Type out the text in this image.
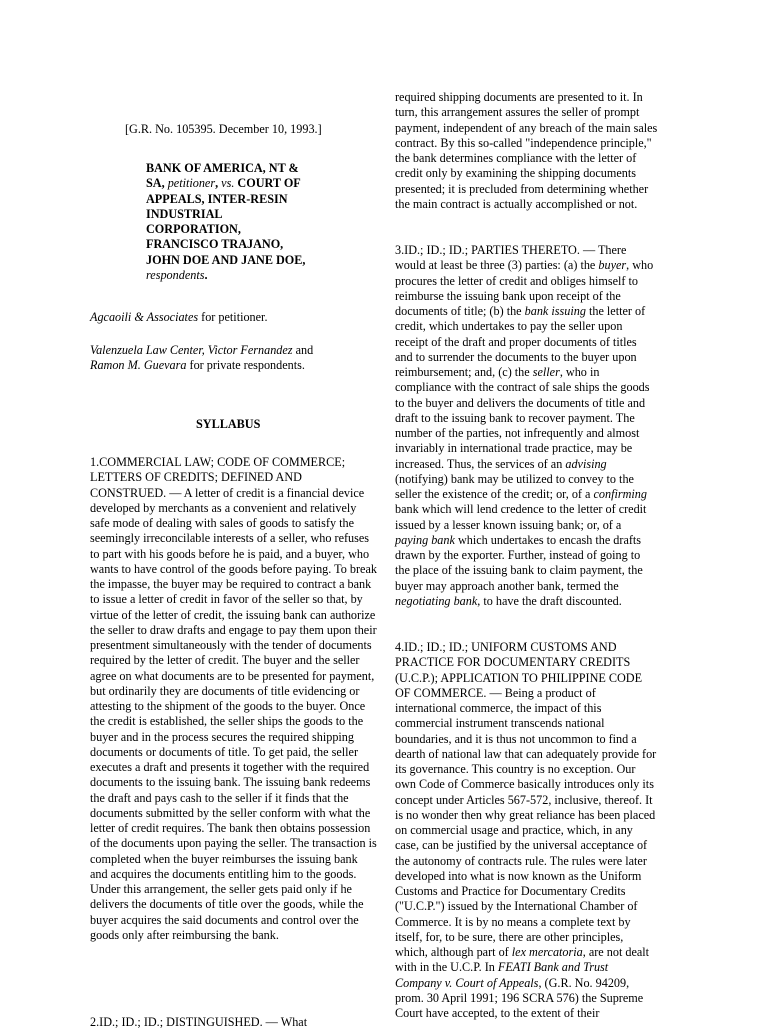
[G.R. No. 105395. December 10, 1993.]

BANK OF AMERICA, NT & SA, petitioner, vs. COURT OF APPEALS, INTER-RESIN INDUSTRIAL CORPORATION, FRANCISCO TRAJANO, JOHN DOE AND JANE DOE, respondents.

Agcaoili & Associates for petitioner.

Valenzuela Law Center, Victor Fernandez and Ramon M. Guevara for private respondents.

SYLLABUS

1.COMMERCIAL LAW; CODE OF COMMERCE; LETTERS OF CREDITS; DEFINED AND CONSTRUED. — A letter of credit is a financial device developed by merchants as a convenient and relatively safe mode of dealing with sales of goods to satisfy the seemingly irreconcilable interests of a seller, who refuses to part with his goods before he is paid, and a buyer, who wants to have control of the goods before paying. To break the impasse, the buyer may be required to contract a bank to issue a letter of credit in favor of the seller so that, by virtue of the letter of credit, the issuing bank can authorize the seller to draw drafts and engage to pay them upon their presentment simultaneously with the tender of documents required by the letter of credit. The buyer and the seller agree on what documents are to be presented for payment, but ordinarily they are documents of title evidencing or attesting to the shipment of the goods to the buyer. Once the credit is established, the seller ships the goods to the buyer and in the process secures the required shipping documents or documents of title. To get paid, the seller executes a draft and presents it together with the required documents to the issuing bank. The issuing bank redeems the draft and pays cash to the seller if it finds that the documents submitted by the seller conform with what the letter of credit requires. The bank then obtains possession of the documents upon paying the seller. The transaction is completed when the buyer reimburses the issuing bank and acquires the documents entitling him to the goods. Under this arrangement, the seller gets paid only if he delivers the documents of title over the goods, while the buyer acquires the said documents and control over the goods only after reimbursing the bank.

2.ID.; ID.; ID.; DISTINGUISHED. — What

required shipping documents are presented to it. In turn, this arrangement assures the seller of prompt payment, independent of any breach of the main sales contract. By this so-called "independence principle," the bank determines compliance with the letter of credit only by examining the shipping documents presented; it is precluded from determining whether the main contract is actually accomplished or not.

3.ID.; ID.; ID.; PARTIES THERETO. — There would at least be three (3) parties: (a) the buyer, who procures the letter of credit and obliges himself to reimburse the issuing bank upon receipt of the documents of title; (b) the bank issuing the letter of credit, which undertakes to pay the seller upon receipt of the draft and proper documents of titles and to surrender the documents to the buyer upon reimbursement; and, (c) the seller, who in compliance with the contract of sale ships the goods to the buyer and delivers the documents of title and draft to the issuing bank to recover payment. The number of the parties, not infrequently and almost invariably in international trade practice, may be increased. Thus, the services of an advising (notifying) bank may be utilized to convey to the seller the existence of the credit; or, of a confirming bank which will lend credence to the letter of credit issued by a lesser known issuing bank; or, of a paying bank which undertakes to encash the drafts drawn by the exporter. Further, instead of going to the place of the issuing bank to claim payment, the buyer may approach another bank, termed the negotiating bank, to have the draft discounted.

4.ID.; ID.; ID.; UNIFORM CUSTOMS AND PRACTICE FOR DOCUMENTARY CREDITS (U.C.P.); APPLICATION TO PHILIPPINE CODE OF COMMERCE. — Being a product of international commerce, the impact of this commercial instrument transcends national boundaries, and it is thus not uncommon to find a dearth of national law that can adequately provide for its governance. This country is no exception. Our own Code of Commerce basically introduces only its concept under Articles 567-572, inclusive, thereof. It is no wonder then why great reliance has been placed on commercial usage and practice, which, in any case, can be justified by the universal acceptance of the autonomy of contracts rule. The rules were later developed into what is now known as the Uniform Customs and Practice for Documentary Credits ("U.C.P.") issued by the International Chamber of Commerce. It is by no means a complete text by itself, for, to be sure, there are other principles, which, although part of lex mercatoria, are not dealt with in the U.C.P. In FEATI Bank and Trust Company v. Court of Appeals, (G.R. No. 94209, prom. 30 April 1991; 196 SCRA 576) the Supreme Court have accepted, to the extent of their
